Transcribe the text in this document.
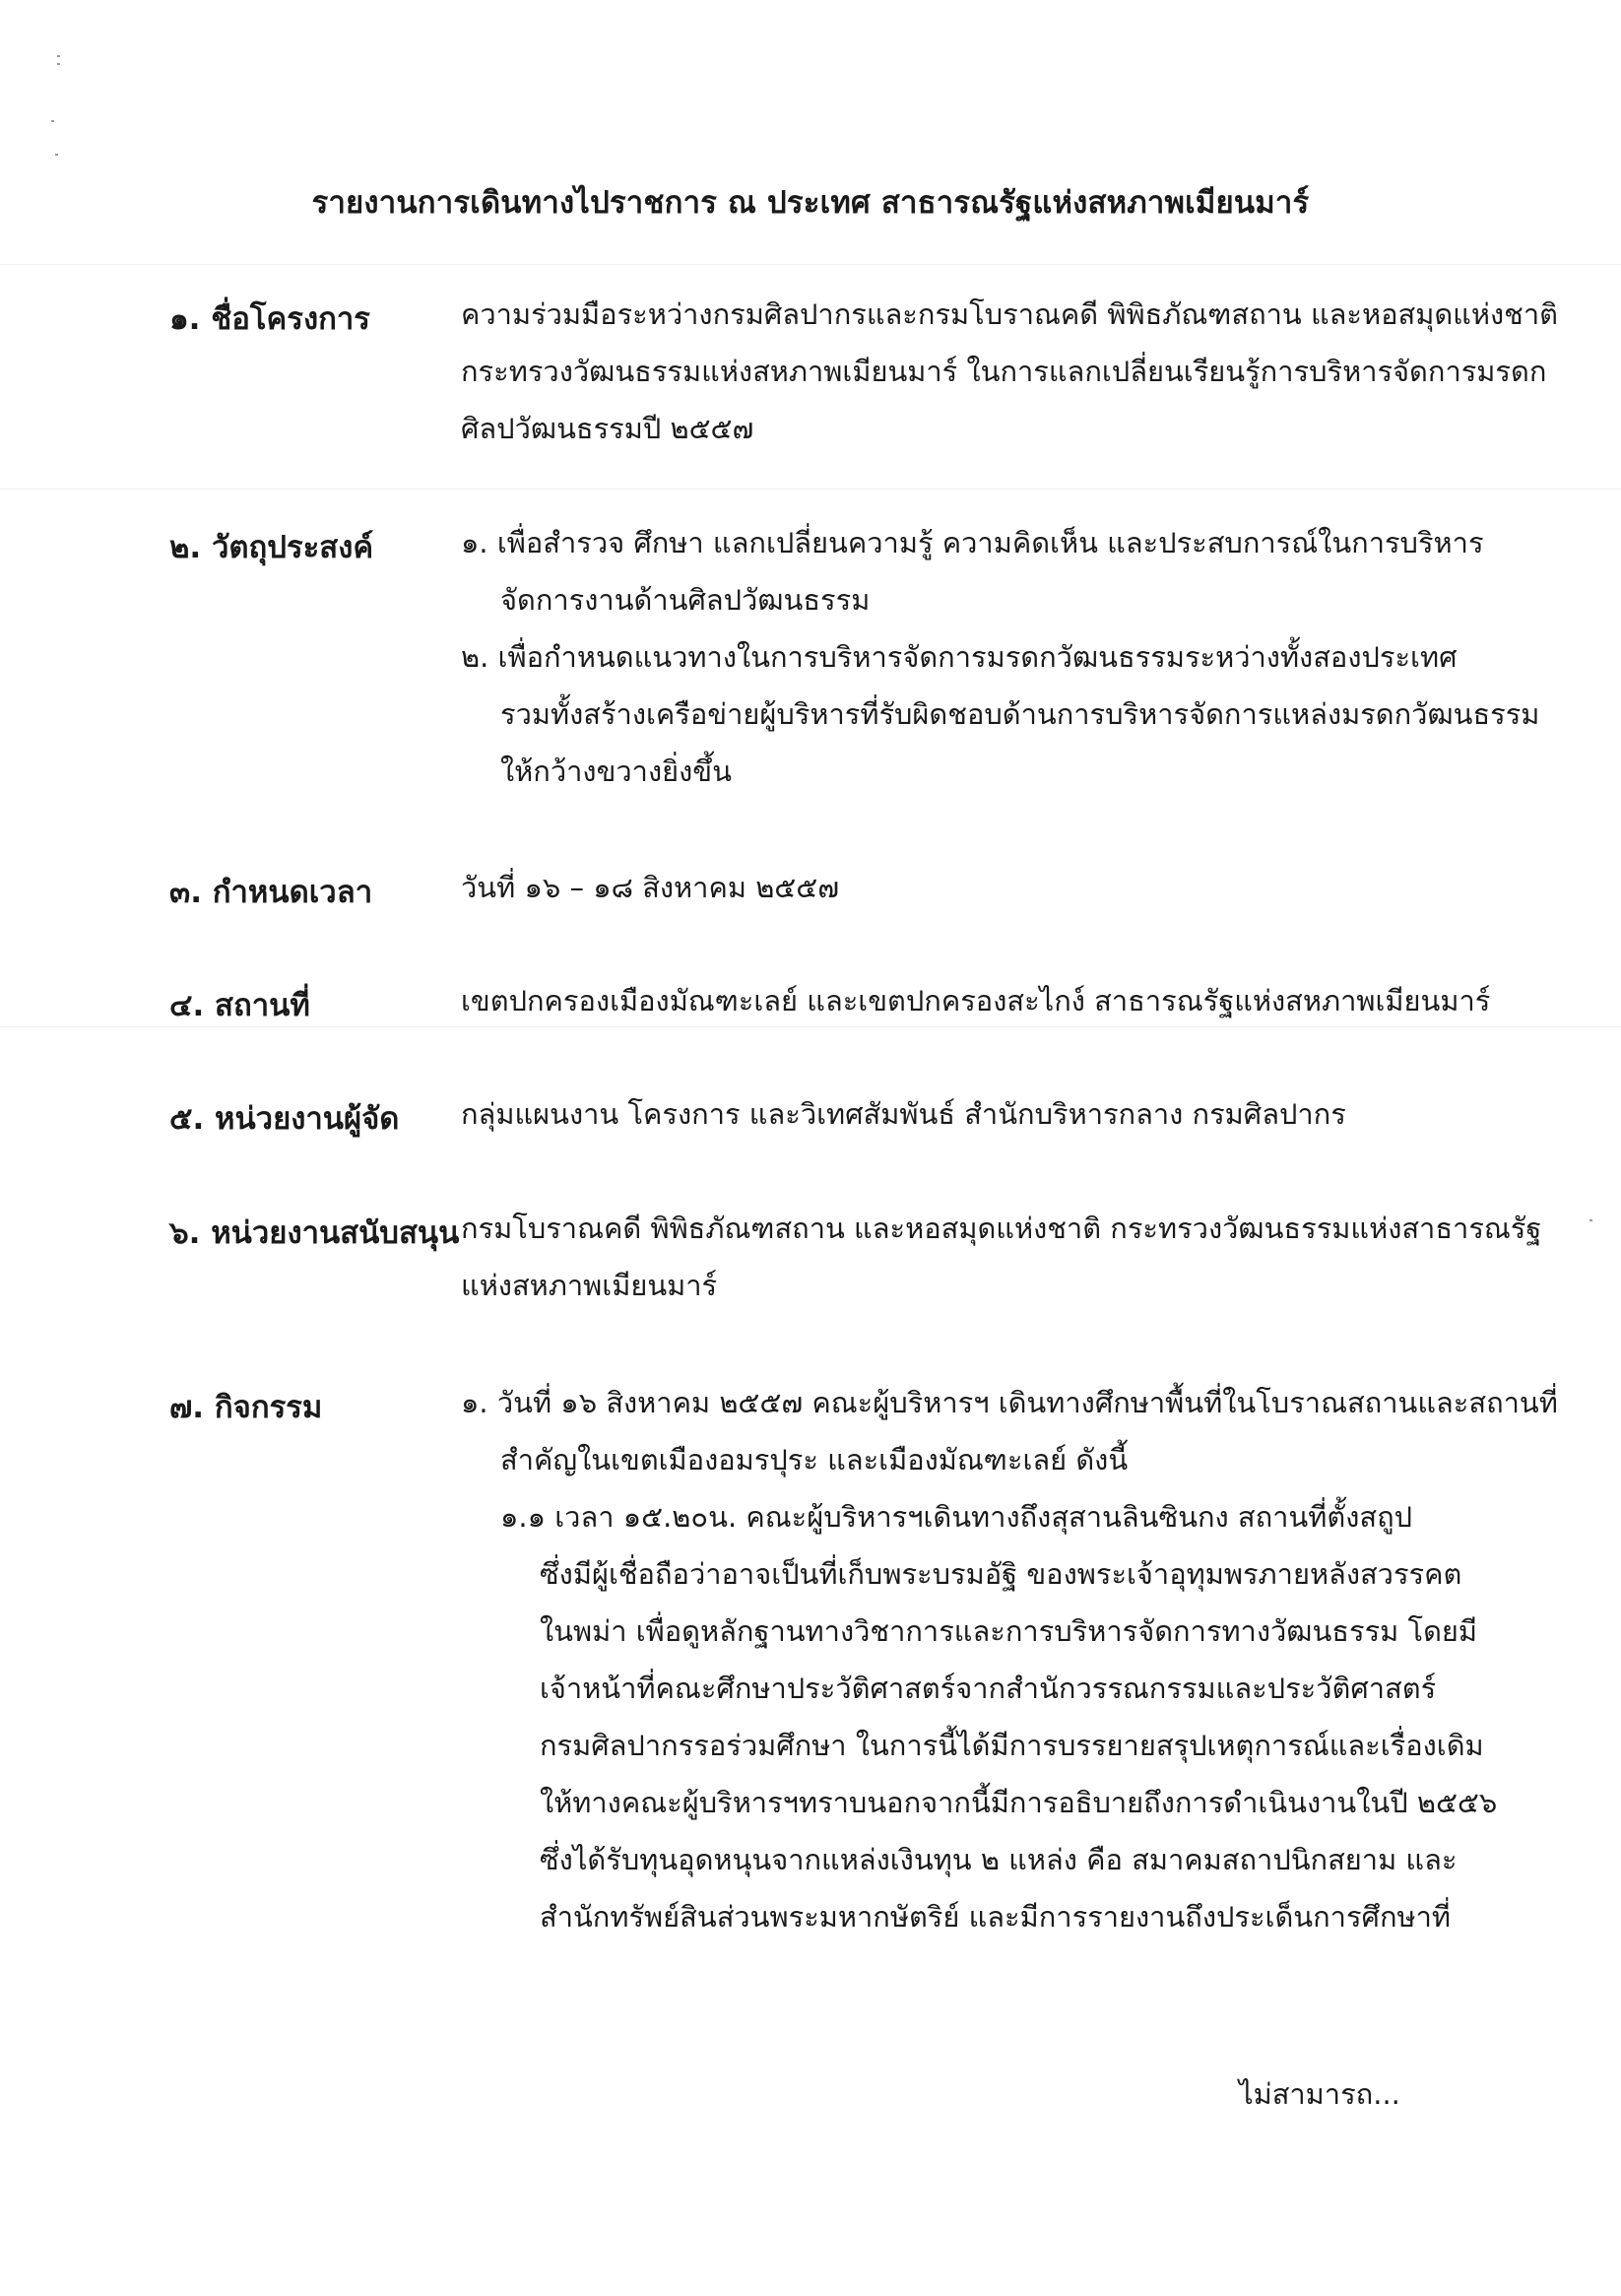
รายงานการเดินทางไปราชการ ณ ประเทศ สาธารณรัฐแห่งสหภาพเมียนมาร์
๑. ชื่อโครงการ	ความร่วมมือระหว่างกรมศิลปากรและกรมโบราณคดี พิพิธภัณฑสถาน และหอสมุดแห่งชาติ
กระทรวงวัฒนธรรมแห่งสหภาพเมียนมาร์ ในการแลกเปลี่ยนเรียนรู้การบริหารจัดการมรดก
ศิลปวัฒนธรรมปี ๒๕๕๗
๒. วัตถุประสงค์	๑. เพื่อสำรวจ ศึกษา แลกเปลี่ยนความรู้ ความคิดเห็น และประสบการณ์ในการบริหาร
จัดการงานด้านศิลปวัฒนธรรม
๒. เพื่อกำหนดแนวทางในการบริหารจัดการมรดกวัฒนธรรมระหว่างทั้งสองประเทศ
รวมทั้งสร้างเครือข่ายผู้บริหารที่รับผิดชอบด้านการบริหารจัดการแหล่งมรดกวัฒนธรรม
ให้กว้างขวางยิ่งขึ้น
๓. กำหนดเวลา	วันที่ ๑๖ – ๑๘ สิงหาคม ๒๕๕๗
๔. สถานที่	เขตปกครองเมืองมัณฑะเลย์ และเขตปกครองสะไกง์ สาธารณรัฐแห่งสหภาพเมียนมาร์
๕. หน่วยงานผู้จัด กลุ่มแผนงาน โครงการ และวิเทศสัมพันธ์ สำนักบริหารกลาง กรมศิลปากร
๖. หน่วยงานสนับสนุน กรมโบราณคดี พิพิธภัณฑสถาน และหอสมุดแห่งชาติ กระทรวงวัฒนธรรมแห่งสาธารณรัฐ
แห่งสหภาพเมียนมาร์
๗. กิจกรรม	๑. วันที่ ๑๖ สิงหาคม ๒๕๕๗ คณะผู้บริหารฯ เดินทางศึกษาพื้นที่ในโบราณสถานและสถานที่
สำคัญในเขตเมืองอมรปุระ และเมืองมัณฑะเลย์ ดังนี้
๑.๑ เวลา ๑๕.๒๐น. คณะผู้บริหารฯเดินทางถึงสุสานลินซินกง สถานที่ตั้งสถูป
ซึ่งมีผู้เชื่อถือว่าอาจเป็นที่เก็บพระบรมอัฐิ ของพระเจ้าอุทุมพรภายหลังสวรรคต
ในพม่า เพื่อดูหลักฐานทางวิชาการและการบริหารจัดการทางวัฒนธรรม โดยมี
เจ้าหน้าที่คณะศึกษาประวัติศาสตร์จากสำนักวรรณกรรมและประวัติศาสตร์
กรมศิลปากรรอร่วมศึกษา ในการนี้ได้มีการบรรยายสรุปเหตุการณ์และเรื่องเดิม
ให้ทางคณะผู้บริหารฯทราบนอกจากนี้มีการอธิบายถึงการดำเนินงานในปี ๒๕๕๖
ซึ่งได้รับทุนอุดหนุนจากแหล่งเงินทุน ๒ แหล่ง คือ สมาคมสถาปนิกสยาม และ
สำนักทรัพย์สินส่วนพระมหากษัตริย์ และมีการรายงานถึงประเด็นการศึกษาที่
ไม่สามารถ...
